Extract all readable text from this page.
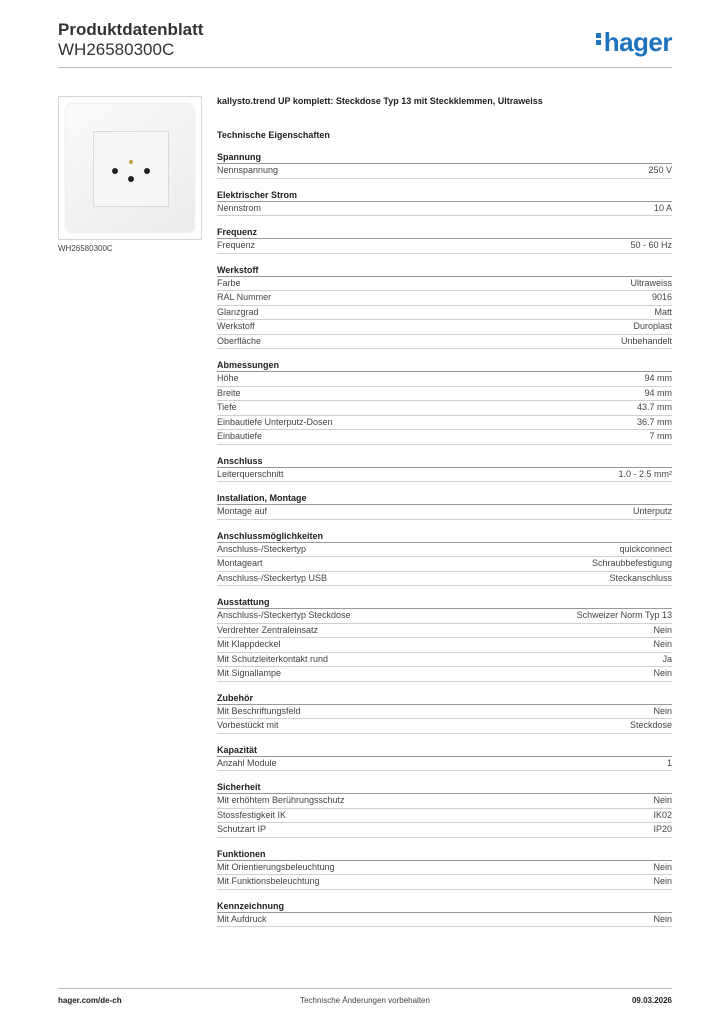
Produktdatenblatt
WH26580300C	hager
WH26580300C
kallysto.trend UP komplett: Steckdose Typ 13 mit Steckklemmen, Ultraweiss
Technische Eigenschaften
Spannung
Nennspannung	250 V
Elektrischer Strom
Nennstrom	10 A
Frequenz
Frequenz	50 - 60 Hz
Werkstoff
Farbe	Ultraweiss
RAL Nummer	9016
Glanzgrad	Matt
Werkstoff	Duroplast
Oberfläche	Unbehandelt
Abmessungen
Höhe	94 mm
Breite	94 mm
Tiefe	43.7 mm
Einbautiefe Unterputz-Dosen	36.7 mm
Einbautiefe	7 mm
Anschluss
Leiterquerschnitt	1.0 - 2.5 mm²
Installation, Montage
Montage auf	Unterputz
Anschlussmöglichkeiten
Anschluss-/Steckertyp	quickconnect
Montageart	Schraubbefestigung
Anschluss-/Steckertyp USB	Steckanschluss
Ausstattung
Anschluss-/Steckertyp Steckdose	Schweizer Norm Typ 13
Verdrehter Zentraleinsatz	Nein
Mit Klappdeckel	Nein
Mit Schutzleiterkontakt rund	Ja
Mit Signallampe	Nein
Zubehör
Mit Beschriftungsfeld	Nein
Vorbestückt mit	Steckdose
Kapazität
Anzahl Module	1
Sicherheit
Mit erhöhtem Berührungsschutz	Nein
Stossfestigkeit IK	IK02
Schutzart IP	IP20
Funktionen
Mit Orientierungsbeleuchtung	Nein
Mit Funktionsbeleuchtung	Nein
Kennzeichnung
Mit Aufdruck	Nein
hager.com/de-ch	Technische Änderungen vorbehalten	09.03.2026
